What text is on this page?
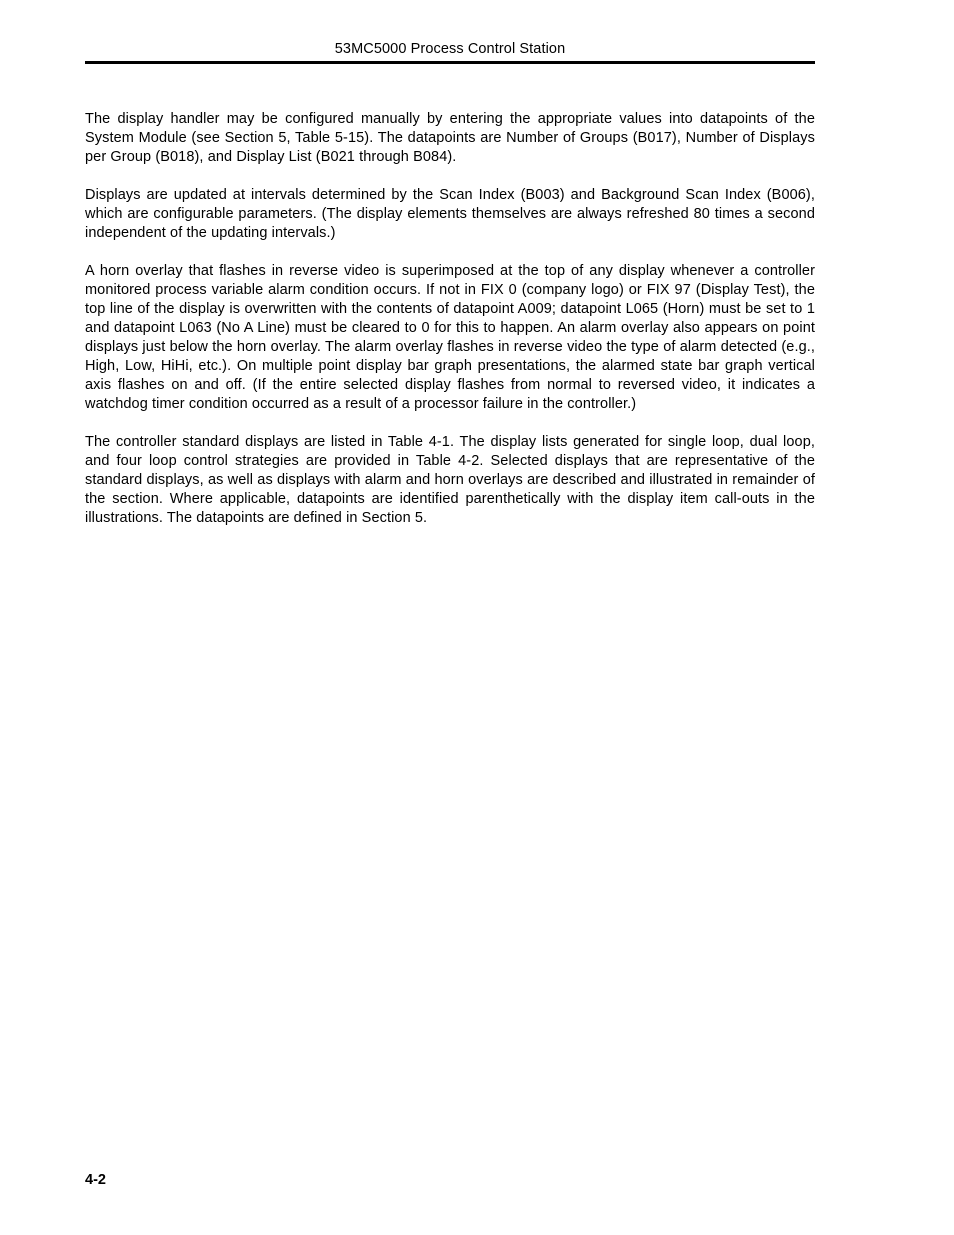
53MC5000 Process Control Station

The display handler may be configured manually by entering the appropriate values into datapoints of the System Module (see Section 5, Table 5-15). The datapoints are Number of Groups (B017), Number of Displays per Group (B018), and Display List (B021 through B084).

Displays are updated at intervals determined by the Scan Index (B003) and Background Scan Index (B006), which are configurable parameters. (The display elements themselves are always refreshed 80 times a second independent of the updating intervals.)

A horn overlay that flashes in reverse video is superimposed at the top of any display whenever a controller monitored process variable alarm condition occurs. If not in FIX 0 (company logo) or FIX 97 (Display Test), the top line of the display is overwritten with the contents of datapoint A009; datapoint L065 (Horn) must be set to 1 and datapoint L063 (No A Line) must be cleared to 0 for this to happen. An alarm overlay also appears on point displays just below the horn overlay. The alarm overlay flashes in reverse video the type of alarm detected (e.g., High, Low, HiHi, etc.). On multiple point display bar graph presentations, the alarmed state bar graph vertical axis flashes on and off. (If the entire selected display flashes from normal to reversed video, it indicates a watchdog timer condition occurred as a result of a processor failure in the controller.)

The controller standard displays are listed in Table 4-1. The display lists generated for single loop, dual loop, and four loop control strategies are provided in Table 4-2. Selected displays that are representative of the standard displays, as well as displays with alarm and horn overlays are described and illustrated in remainder of the section. Where applicable, datapoints are identified parenthetically with the display item call-outs in the illustrations. The datapoints are defined in Section 5.

4-2
